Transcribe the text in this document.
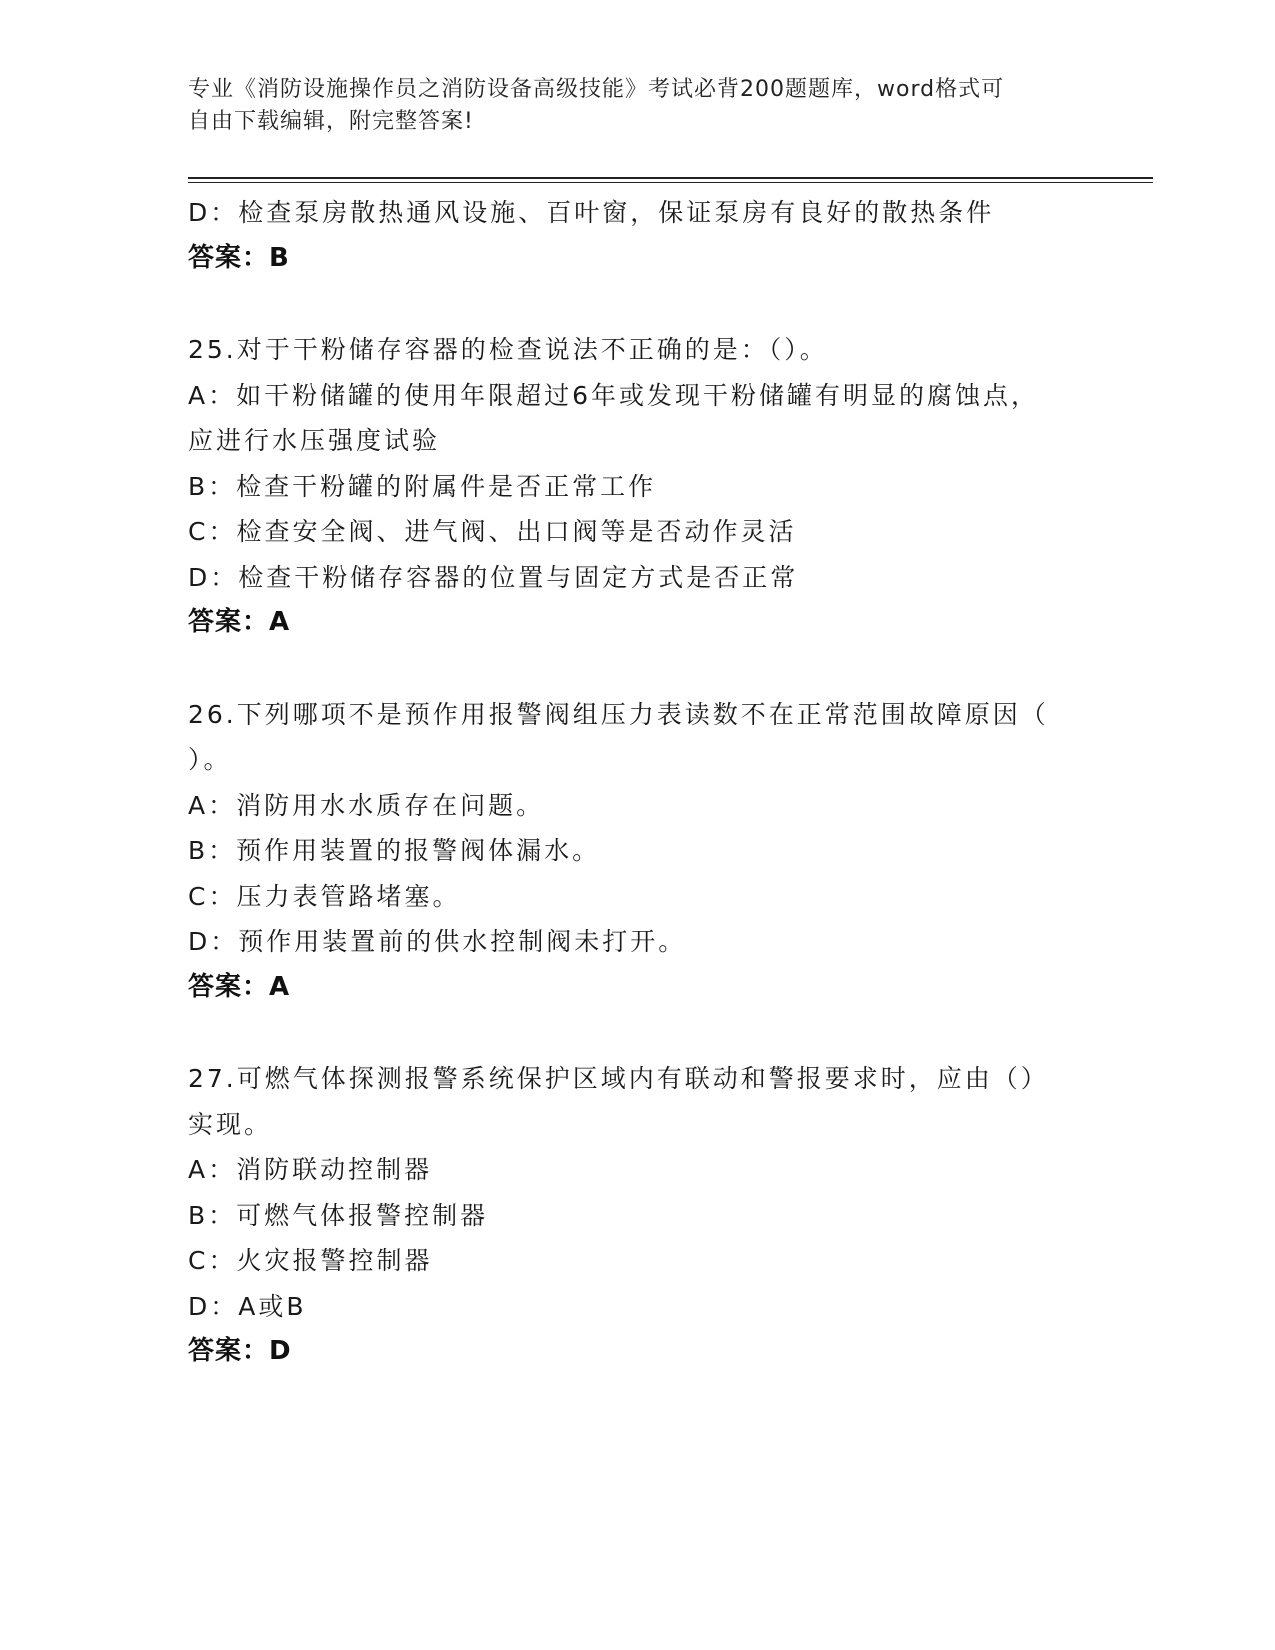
专业《消防设施操作员之消防设备高级技能》考试必背200题题库，word格式可
自由下载编辑，附完整答案!
D：检查泵房散热通风设施、百叶窗，保证泵房有良好的散热条件
答案：B
25.对于干粉储存容器的检查说法不正确的是：（）。
A：如干粉储罐的使用年限超过6年或发现干粉储罐有明显的腐蚀点，
应进行水压强度试验
B：检查干粉罐的附属件是否正常工作
C：检查安全阀、进气阀、出口阀等是否动作灵活
D：检查干粉储存容器的位置与固定方式是否正常
答案：A
26.下列哪项不是预作用报警阀组压力表读数不在正常范围故障原因（
）。
A：消防用水水质存在问题。
B：预作用装置的报警阀体漏水。
C：压力表管路堵塞。
D：预作用装置前的供水控制阀未打开。
答案：A
27.可燃气体探测报警系统保护区域内有联动和警报要求时，应由（）
实现。
A：消防联动控制器
B：可燃气体报警控制器
C：火灾报警控制器
D：A或B
答案：D
